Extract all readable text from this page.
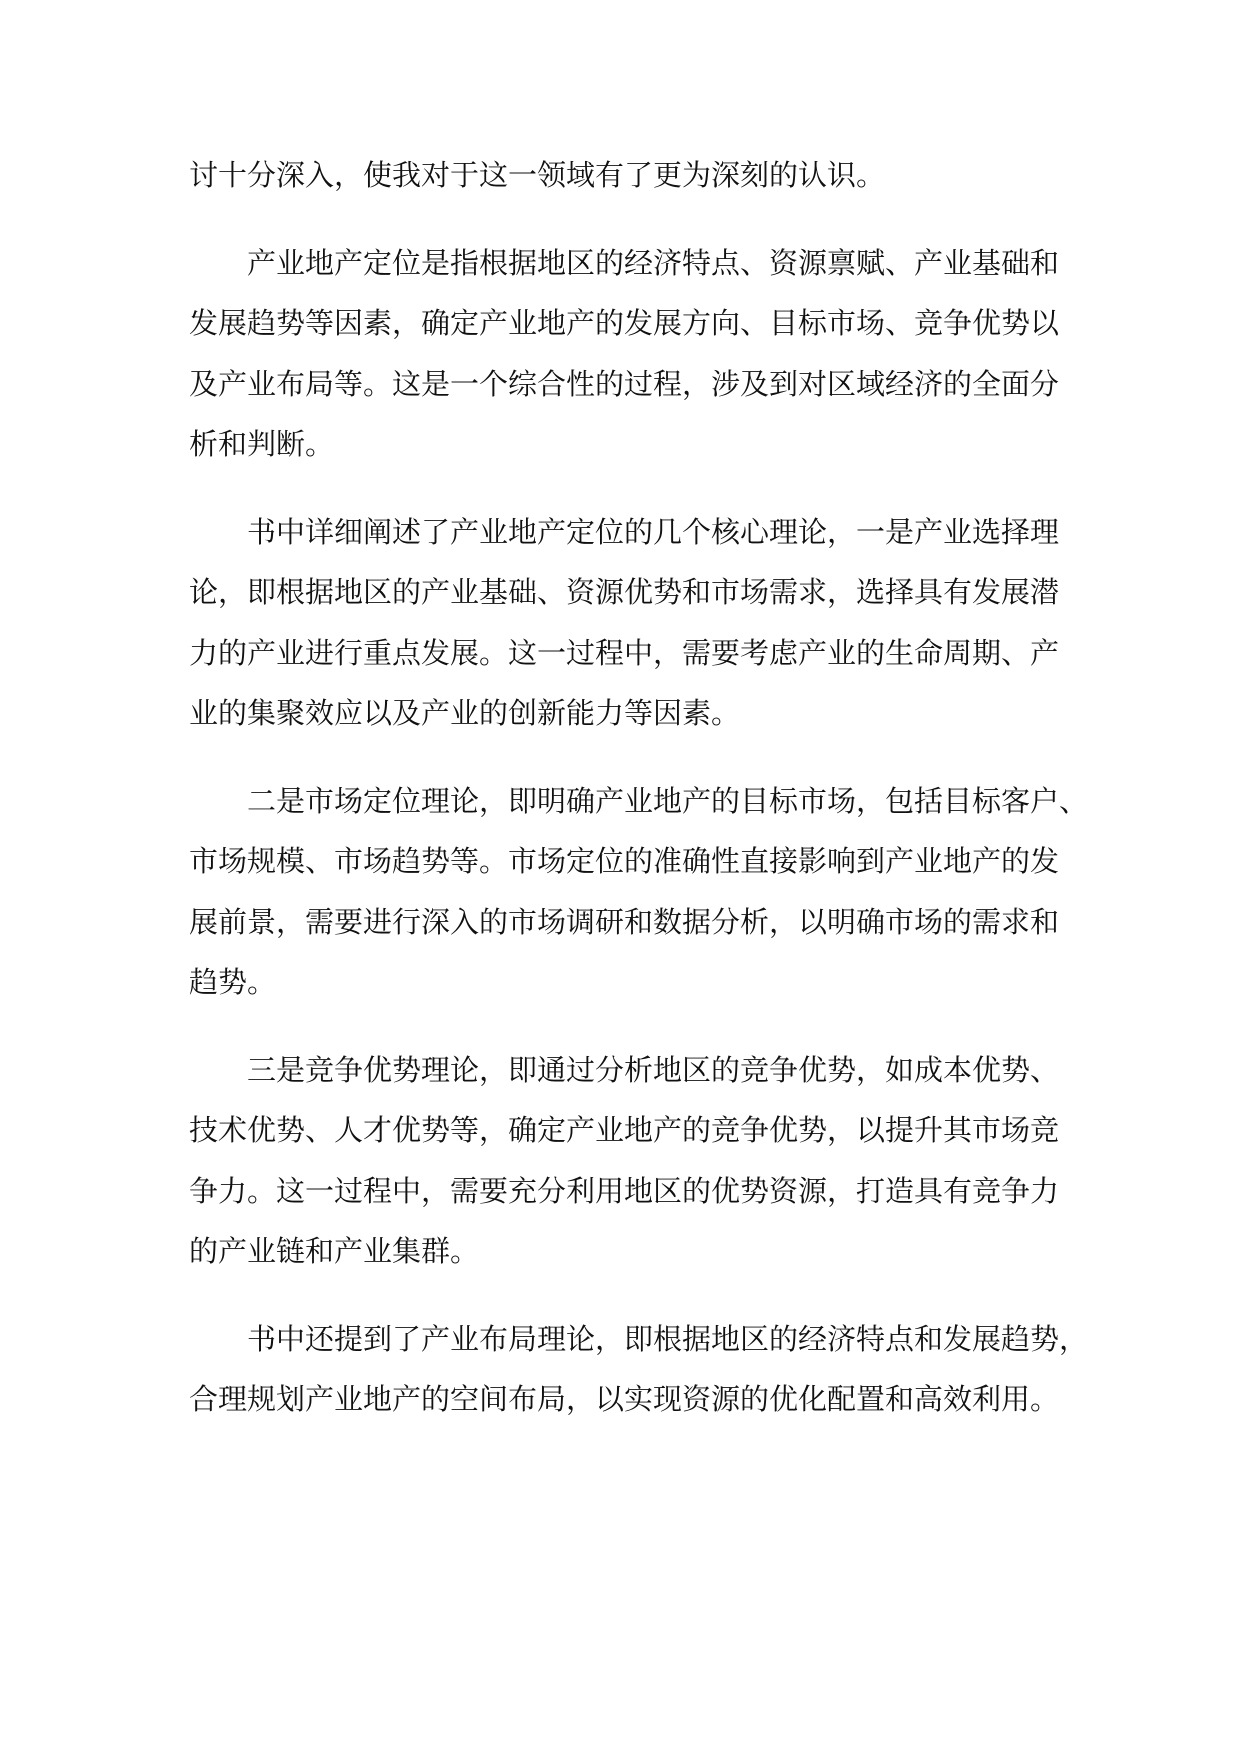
讨十分深入，使我对于这一领域有了更为深刻的认识。
产业地产定位是指根据地区的经济特点、资源禀赋、产业基础和
发展趋势等因素，确定产业地产的发展方向、目标市场、竞争优势以
及产业布局等。这是一个综合性的过程，涉及到对区域经济的全面分
析和判断。
书中详细阐述了产业地产定位的几个核心理论，一是产业选择理
论，即根据地区的产业基础、资源优势和市场需求，选择具有发展潜
力的产业进行重点发展。这一过程中，需要考虑产业的生命周期、产
业的集聚效应以及产业的创新能力等因素。
二是市场定位理论，即明确产业地产的目标市场，包括目标客户、
市场规模、市场趋势等。市场定位的准确性直接影响到产业地产的发
展前景，需要进行深入的市场调研和数据分析，以明确市场的需求和
趋势。
三是竞争优势理论，即通过分析地区的竞争优势，如成本优势、
技术优势、人才优势等，确定产业地产的竞争优势，以提升其市场竞
争力。这一过程中，需要充分利用地区的优势资源，打造具有竞争力
的产业链和产业集群。
书中还提到了产业布局理论，即根据地区的经济特点和发展趋势，
合理规划产业地产的空间布局，以实现资源的优化配置和高效利用。
